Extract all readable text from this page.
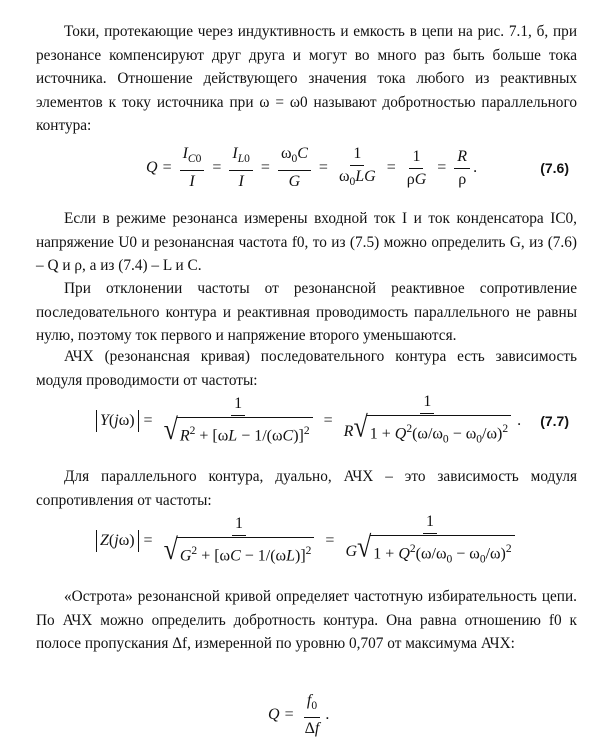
Токи, протекающие через индуктивность и емкость в цепи на рис. 7.1, б, при резонансе компенсируют друг друга и могут во много раз быть больше тока источника. Отношение действующего значения тока любого из реактивных элементов к току источника при ω = ω0 называют добротностью параллельного контура:

$Q = \frac{I_{C0}}{I} = \frac{I_{L0}}{I} = \frac{\omega_0C}{G} = \frac{1}{\omega_0LG} = \frac{1}{\rho G} = \frac{R}{\rho}$ .	(7.6)

Если в режиме резонанса измерены входной ток I и ток конденсатора IC0, напряжение U0 и резонансная частота f0, то из (7.5) можно определить G, из (7.6) – Q и ρ, а из (7.4) – L и C.

При отклонении частоты от резонансной реактивное сопротивление последовательного контура и реактивная проводимость параллельного не равны нулю, поэтому ток первого и напряжение второго уменьшаются.

АЧХ (резонансная кривая) последовательного контура есть зависимость модуля проводимости от частоты:

$Y(j\omega) = \frac{1}{√ R^2 + [\omega L - 1/(\omega C)]^2} = \frac{1}{R √ 1 + Q^2(\omega/\omega_0 - \omega_0/\omega)^2}$ . (7.7)

Для параллельного контура, дуально, АЧХ – это зависимость модуля сопротивления от частоты:

$Z(j\omega) = \frac{1}{√ G^2 + [\omega C - 1/(\omega L)]^2} = \frac{1}{G √ 1 + Q^2(\omega/\omega_0 - \omega_0/\omega)^2}$

«Острота» резонансной кривой определяет частотную избирательность цепи. По АЧХ можно определить добротность контура. Она равна отношению f0 к полосе пропускания Δf, измеренной по уровню 0,707 от максимума АЧХ:

$Q = \frac{f_0}{\Delta f}$ .
